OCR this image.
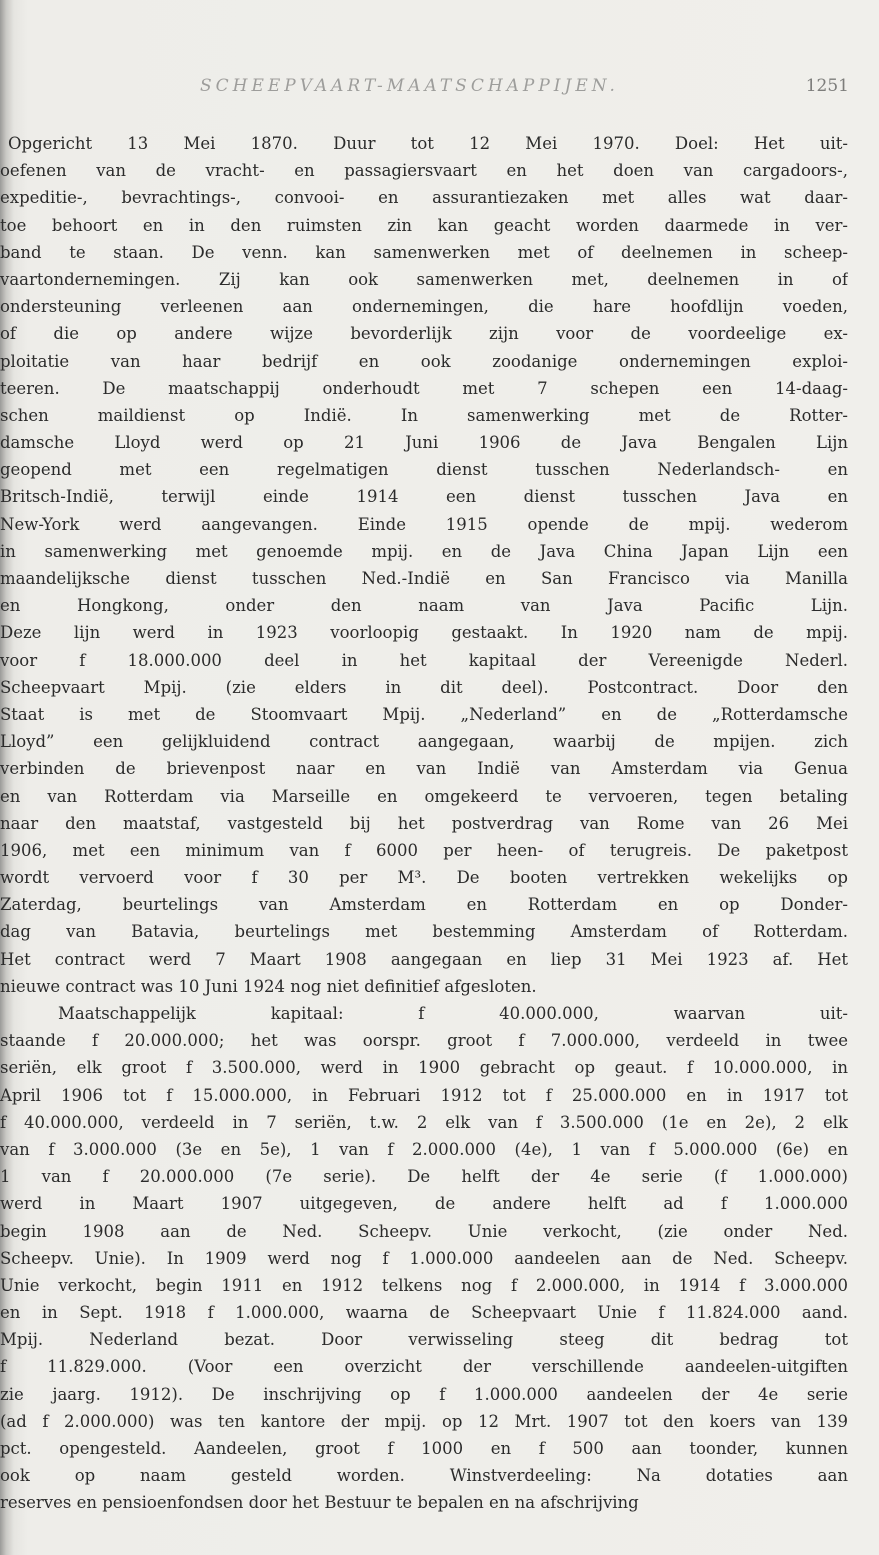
SCHEEPVAART-MAATSCHAPPIJEN.	1251
Opgericht 13 Mei 1870. Duur tot 12 Mei 1970. Doel: Het uit-
oefenen van de vracht- en passagiersvaart en het doen van cargadoors-,
expeditie-, bevrachtings-, convooi- en assurantiezaken met alles wat daar-
toe behoort en in den ruimsten zin kan geacht worden daarmede in ver-
band te staan. De venn. kan samenwerken met of deelnemen in scheep-
vaartondernemingen. Zij kan ook samenwerken met, deelnemen in of
ondersteuning verleenen aan ondernemingen, die hare hoofdlijn voeden,
of die op andere wijze bevorderlijk zijn voor de voordeelige ex-
ploitatie van haar bedrijf en ook zoodanige ondernemingen exploi-
teeren. De maatschappij onderhoudt met 7 schepen een 14-daag-
schen maildienst op Indië. In samenwerking met de Rotter-
damsche Lloyd werd op 21 Juni 1906 de Java Bengalen Lijn
geopend met een regelmatigen dienst tusschen Nederlandsch- en
Britsch-Indië, terwijl einde 1914 een dienst tusschen Java en
New-York werd aangevangen. Einde 1915 opende de mpij. wederom
in samenwerking met genoemde mpij. en de Java China Japan Lijn een
maandelijksche dienst tusschen Ned.-Indië en San Francisco via Manilla
en Hongkong, onder den naam van Java Pacific Lijn.
Deze lijn werd in 1923 voorloopig gestaakt. In 1920 nam de mpij.
voor f 18.000.000 deel in het kapitaal der Vereenigde Nederl.
Scheepvaart Mpij. (zie elders in dit deel). Postcontract. Door den
Staat is met de Stoomvaart Mpij. „Nederland” en de „Rotterdamsche
Lloyd” een gelijkluidend contract aangegaan, waarbij de mpijen. zich
verbinden de brievenpost naar en van Indië van Amsterdam via Genua
en van Rotterdam via Marseille en omgekeerd te vervoeren, tegen betaling
naar den maatstaf, vastgesteld bij het postverdrag van Rome van 26 Mei
1906, met een minimum van f 6000 per heen- of terugreis. De paketpost
wordt vervoerd voor f 30 per M³. De booten vertrekken wekelijks op
Zaterdag, beurtelings van Amsterdam en Rotterdam en op Donder-
dag van Batavia, beurtelings met bestemming Amsterdam of Rotterdam.
Het contract werd 7 Maart 1908 aangegaan en liep 31 Mei 1923 af. Het
nieuwe contract was 10 Juni 1924 nog niet definitief afgesloten.
Maatschappelijk kapitaal: f 40.000.000, waarvan uit-
staande f 20.000.000; het was oorspr. groot f 7.000.000, verdeeld in twee
seriën, elk groot f 3.500.000, werd in 1900 gebracht op geaut. f 10.000.000, in
April 1906 tot f 15.000.000, in Februari 1912 tot f 25.000.000 en in 1917 tot
f 40.000.000, verdeeld in 7 seriën, t.w. 2 elk van f 3.500.000 (1e en 2e), 2 elk
van f 3.000.000 (3e en 5e), 1 van f 2.000.000 (4e), 1 van f 5.000.000 (6e) en
1 van f 20.000.000 (7e serie). De helft der 4e serie (f 1.000.000)
werd in Maart 1907 uitgegeven, de andere helft ad f 1.000.000
begin 1908 aan de Ned. Scheepv. Unie verkocht, (zie onder Ned.
Scheepv. Unie). In 1909 werd nog f 1.000.000 aandeelen aan de Ned. Scheepv.
Unie verkocht, begin 1911 en 1912 telkens nog f 2.000.000, in 1914 f 3.000.000
en in Sept. 1918 f 1.000.000, waarna de Scheepvaart Unie f 11.824.000 aand.
Mpij. Nederland bezat. Door verwisseling steeg dit bedrag tot
f 11.829.000. (Voor een overzicht der verschillende aandeelen-uitgiften
zie jaarg. 1912). De inschrijving op f 1.000.000 aandeelen der 4e serie
(ad f 2.000.000) was ten kantore der mpij. op 12 Mrt. 1907 tot den koers van 139
pct. opengesteld. Aandeelen, groot f 1000 en f 500 aan toonder, kunnen
ook op naam gesteld worden. Winstverdeeling: Na dotaties aan
reserves en pensioenfondsen door het Bestuur te bepalen en na afschrijving
